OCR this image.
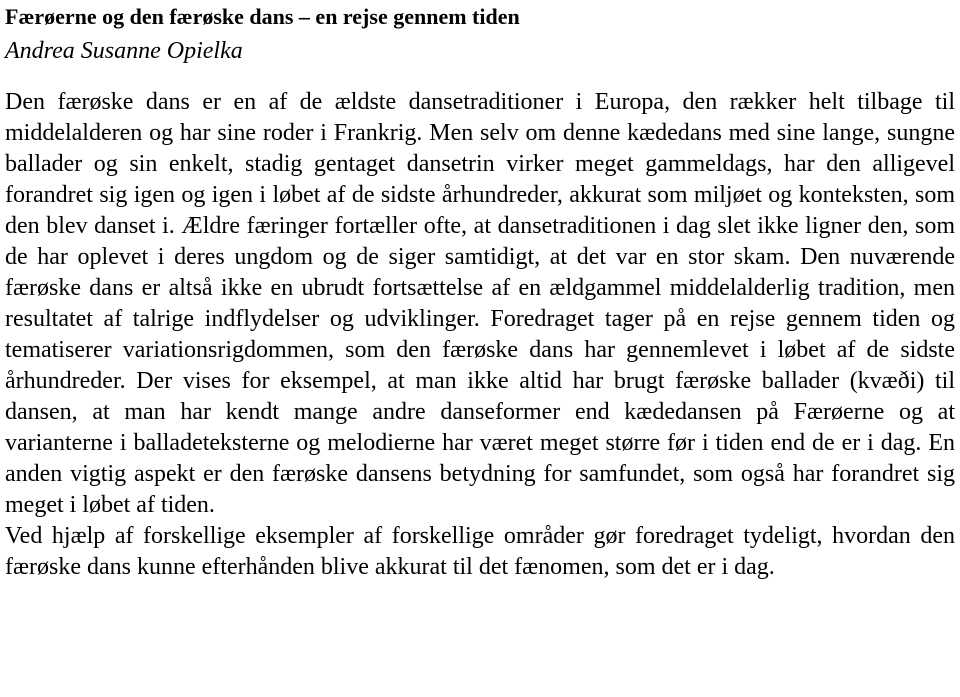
Færøerne og den færøske dans – en rejse gennem tiden
Andrea Susanne Opielka

Den færøske dans er en af de ældste dansetraditioner i Europa, den rækker helt tilbage til middelalderen og har sine roder i Frankrig. Men selv om denne kædedans med sine lange, sungne ballader og sin enkelt, stadig gentaget dansetrin virker meget gammeldags, har den alligevel forandret sig igen og igen i løbet af de sidste århundreder, akkurat som miljøet og konteksten, som den blev danset i. Ældre færinger fortæller ofte, at dansetraditionen i dag slet ikke ligner den, som de har oplevet i deres ungdom og de siger samtidigt, at det var en stor skam. Den nuværende færøske dans er altså ikke en ubrudt fortsættelse af en ældgammel middelalderlig tradition, men resultatet af talrige indflydelser og udviklinger. Foredraget tager på en rejse gennem tiden og tematiserer variationsrigdommen, som den færøske dans har gennemlevet i løbet af de sidste århundreder. Der vises for eksempel, at man ikke altid har brugt færøske ballader (kvæði) til dansen, at man har kendt mange andre danseformer end kædedansen på Færøerne og at varianterne i balladeteksterne og melodierne har været meget større før i tiden end de er i dag. En anden vigtig aspekt er den færøske dansens betydning for samfundet, som også har forandret sig meget i løbet af tiden.

Ved hjælp af forskellige eksempler af forskellige områder gør foredraget tydeligt, hvordan den færøske dans kunne efterhånden blive akkurat til det fænomen, som det er i dag.
